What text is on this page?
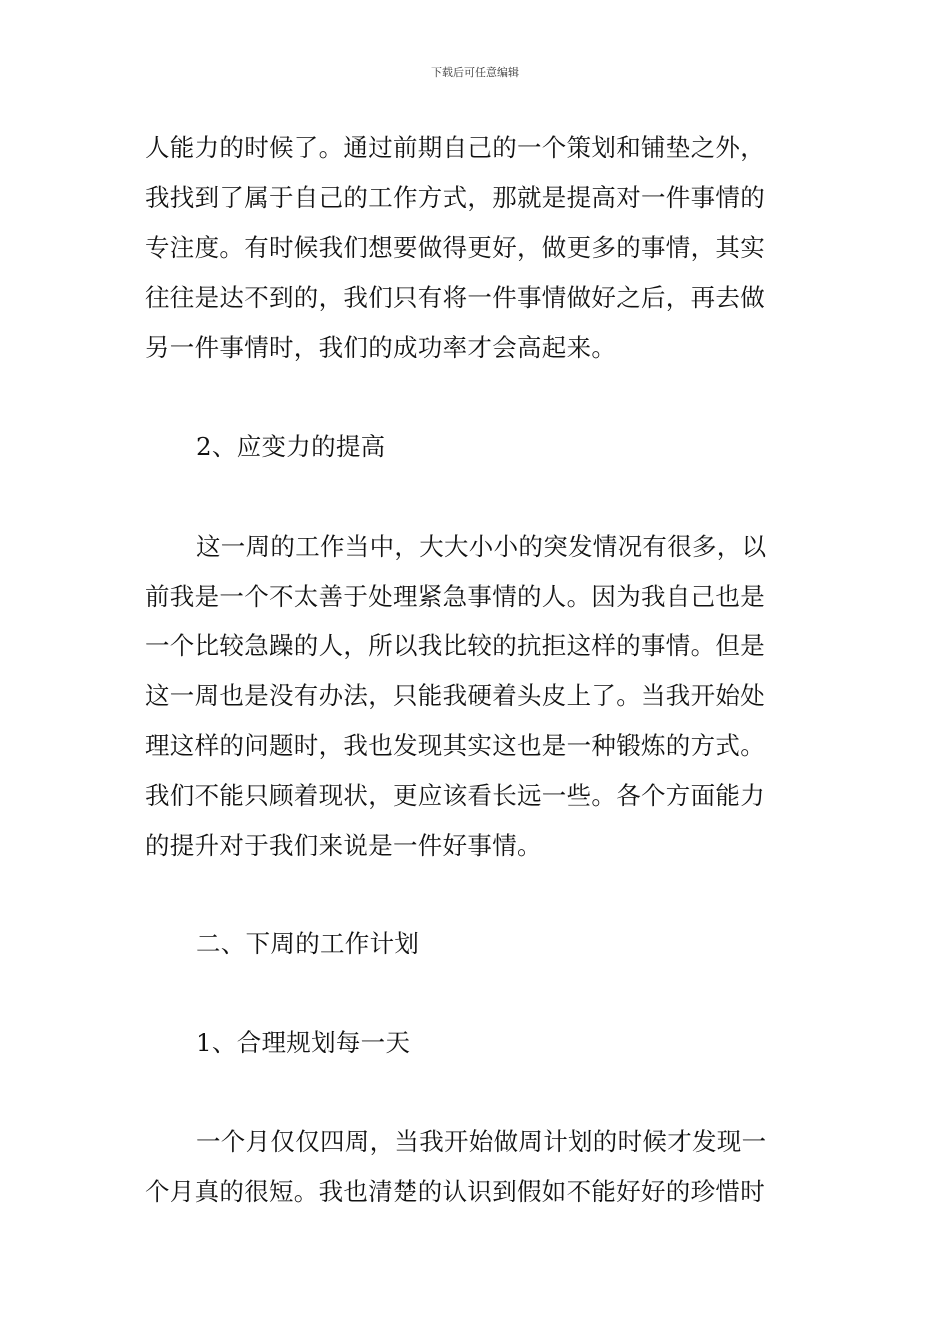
下载后可任意编辑
人能力的时候了。通过前期自己的一个策划和铺垫之外，
我找到了属于自己的工作方式，那就是提高对一件事情的
专注度。有时候我们想要做得更好，做更多的事情，其实
往往是达不到的，我们只有将一件事情做好之后，再去做
另一件事情时，我们的成功率才会高起来。
2、应变力的提高
这一周的工作当中，大大小小的突发情况有很多，以
前我是一个不太善于处理紧急事情的人。因为我自己也是
一个比较急躁的人，所以我比较的抗拒这样的事情。但是
这一周也是没有办法，只能我硬着头皮上了。当我开始处
理这样的问题时，我也发现其实这也是一种锻炼的方式。
我们不能只顾着现状，更应该看长远一些。各个方面能力
的提升对于我们来说是一件好事情。
二、下周的工作计划
1、合理规划每一天
一个月仅仅四周，当我开始做周计划的时候才发现一
个月真的很短。我也清楚的认识到假如不能好好的珍惜时
